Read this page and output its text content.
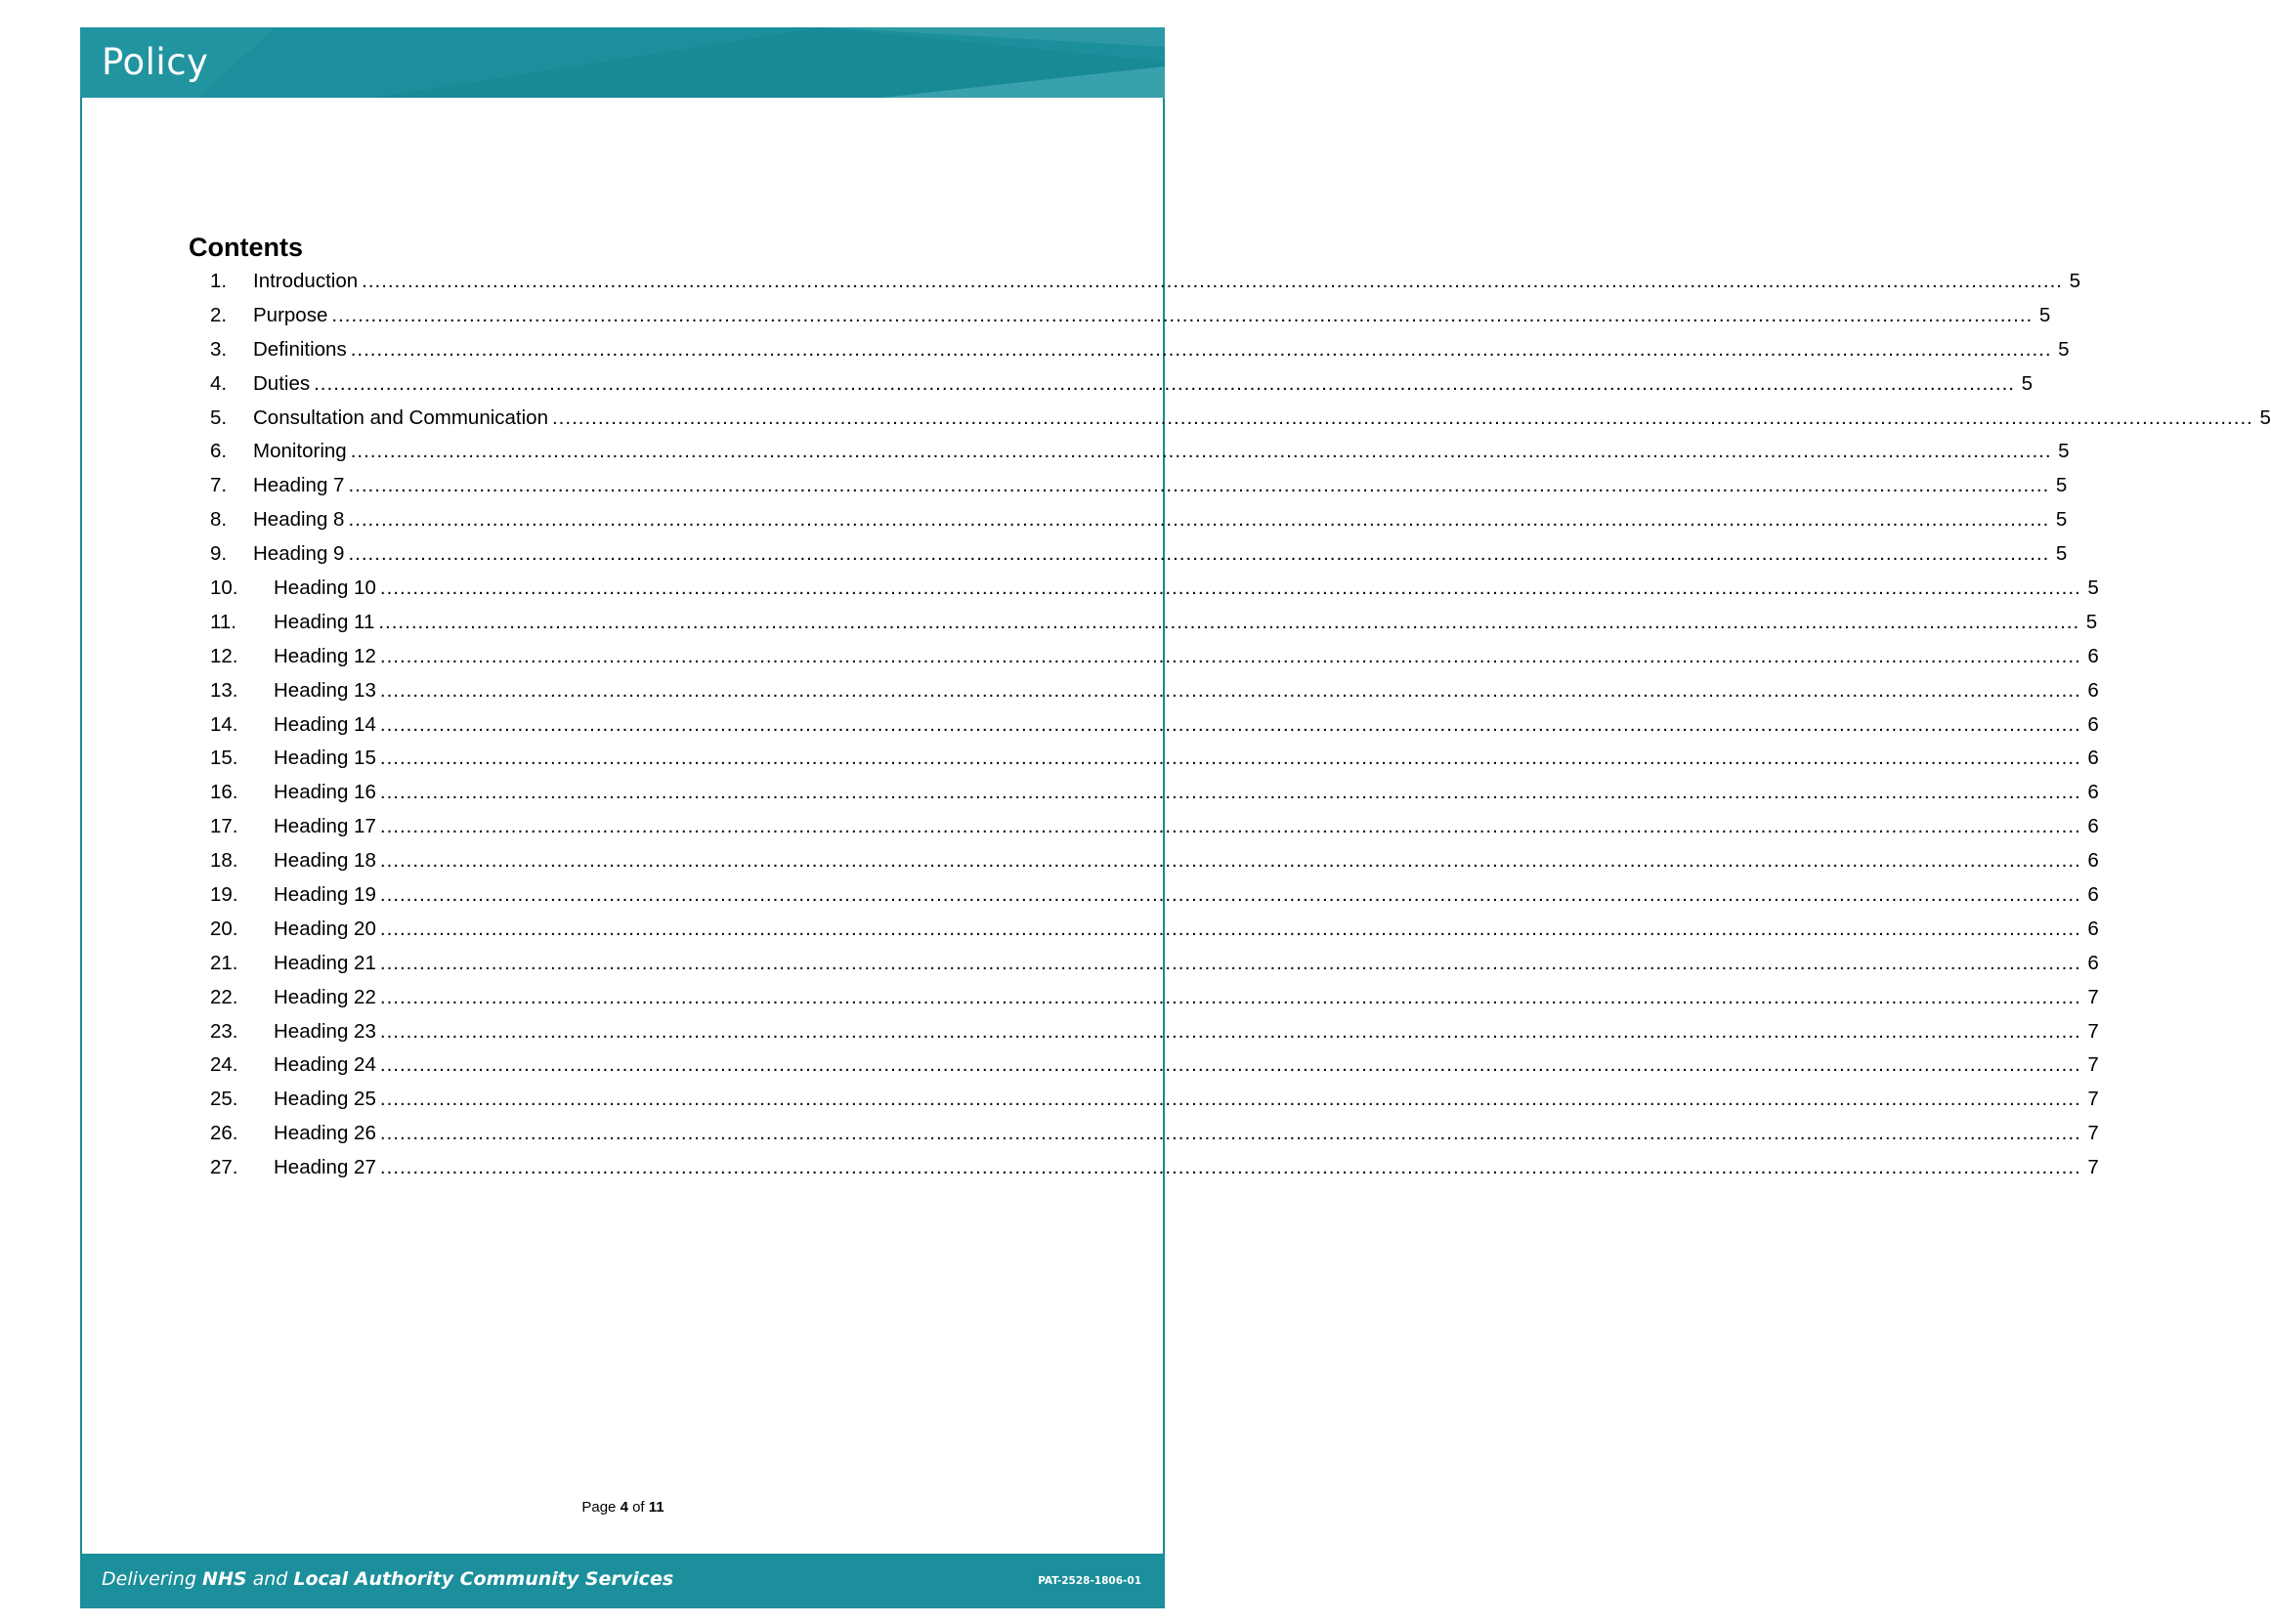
Policy
Contents
1.	Introduction .................................................................................................................................................................................................................................................................... 5
2.	Purpose .................................................................................................................................................................................................................................................................... 5
3.	Definitions .................................................................................................................................................................................................................................................................... 5
4.	Duties .................................................................................................................................................................................................................................................................... 5
5.	Consultation and Communication .................................................................................................................................................................................................................................................................... 5
6.	Monitoring .................................................................................................................................................................................................................................................................... 5
7.	Heading 7 .................................................................................................................................................................................................................................................................... 5
8.	Heading 8 .................................................................................................................................................................................................................................................................... 5
9.	Heading 9 .................................................................................................................................................................................................................................................................... 5
10.	Heading 10 .................................................................................................................................................................................................................................................................... 5
11.	Heading 11 .................................................................................................................................................................................................................................................................... 5
12.	Heading 12 .................................................................................................................................................................................................................................................................... 6
13.	Heading 13 .................................................................................................................................................................................................................................................................... 6
14.	Heading 14 .................................................................................................................................................................................................................................................................... 6
15.	Heading 15 .................................................................................................................................................................................................................................................................... 6
16.	Heading 16 .................................................................................................................................................................................................................................................................... 6
17.	Heading 17 .................................................................................................................................................................................................................................................................... 6
18.	Heading 18 .................................................................................................................................................................................................................................................................... 6
19.	Heading 19 .................................................................................................................................................................................................................................................................... 6
20.	Heading 20 .................................................................................................................................................................................................................................................................... 6
21.	Heading 21 .................................................................................................................................................................................................................................................................... 6
22.	Heading 22 .................................................................................................................................................................................................................................................................... 7
23.	Heading 23 .................................................................................................................................................................................................................................................................... 7
24.	Heading 24 .................................................................................................................................................................................................................................................................... 7
25.	Heading 25 .................................................................................................................................................................................................................................................................... 7
26.	Heading 26 .................................................................................................................................................................................................................................................................... 7
27.	Heading 27 .................................................................................................................................................................................................................................................................... 7
Page 4 of 11
Delivering NHS and Local Authority Community Services	PAT-2528-1806-01
